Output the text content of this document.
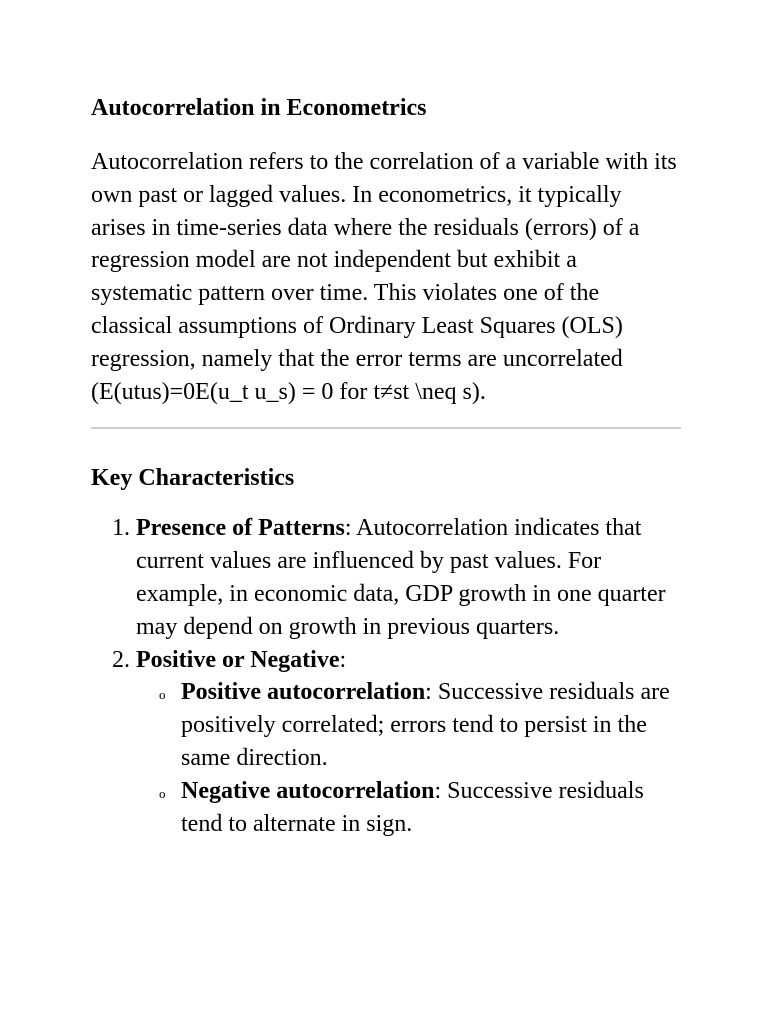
Autocorrelation in Econometrics

Autocorrelation refers to the correlation of a variable with its own past or lagged values. In econometrics, it typically arises in time-series data where the residuals (errors) of a regression model are not independent but exhibit a systematic pattern over time. This violates one of the classical assumptions of Ordinary Least Squares (OLS) regression, namely that the error terms are uncorrelated (E(utus)=0E(u_t u_s) = 0 for t≠st \neq s).

Key Characteristics
1. Presence of Patterns: Autocorrelation indicates that current values are influenced by past values. For example, in economic data, GDP growth in one quarter may depend on growth in previous quarters.
2. Positive or Negative:
o Positive autocorrelation: Successive residuals are positively correlated; errors tend to persist in the same direction.
o Negative autocorrelation: Successive residuals tend to alternate in sign.
